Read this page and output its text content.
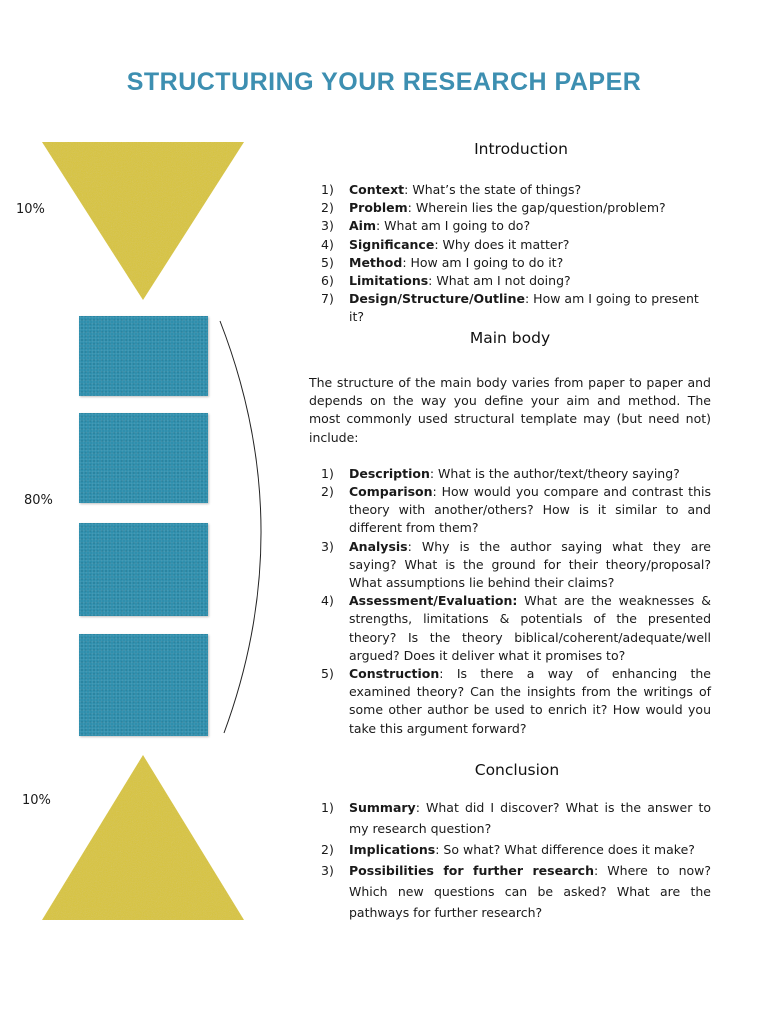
STRUCTURING YOUR RESEARCH PAPER
10%
80%
10%
Introduction
1) Context: What’s the state of things?
2) Problem: Wherein lies the gap/question/problem?
3) Aim: What am I going to do?
4) Significance: Why does it matter?
5) Method: How am I going to do it?
6) Limitations: What am I not doing?
7) Design/Structure/Outline: How am I going to present it?
Main body

The structure of the main body varies from paper to paper and depends on the way you define your aim and method. The most commonly used structural template may (but need not) include:

1) Description: What is the author/text/theory saying?
2) Comparison: How would you compare and contrast this theory with another/others? How is it similar to and different from them?
3) Analysis: Why is the author saying what they are saying? What is the ground for their theory/proposal? What assumptions lie behind their claims?
4) Assessment/Evaluation: What are the weaknesses & strengths, limitations & potentials of the presented theory? Is the theory biblical/coherent/adequate/well argued? Does it deliver what it promises to?
5) Construction: Is there a way of enhancing the examined theory? Can the insights from the writings of some other author be used to enrich it? How would you take this argument forward?
Conclusion
1) Summary: What did I discover? What is the answer to my research question?
2) Implications: So what? What difference does it make?
3) Possibilities for further research: Where to now? Which new questions can be asked? What are the pathways for further research?
